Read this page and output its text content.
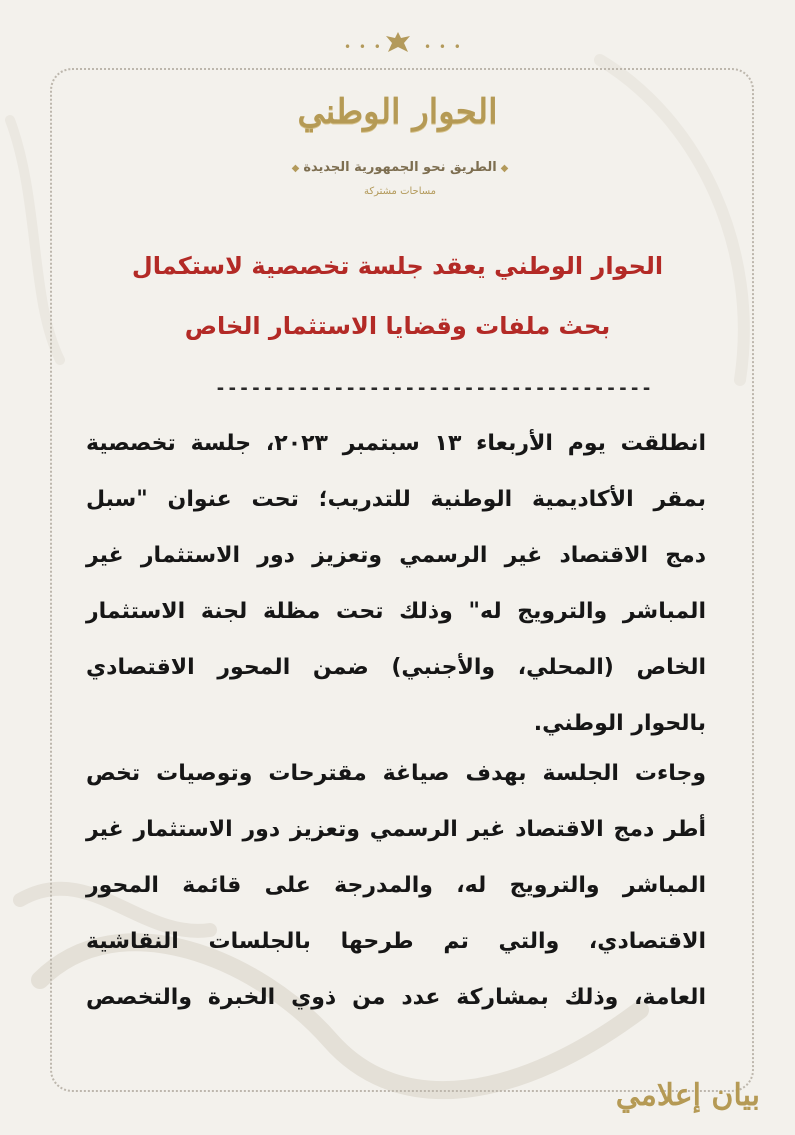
• • •	• • •
الحوار الوطني
◆الطريق نحو الجمهورية الجديدة◆
مساحات مشتركة
الحوار الوطني يعقد جلسة تخصصية لاستكمال
بحث ملفات وقضايا الاستثمار الخاص
-------------------------------------
انطلقت يوم الأربعاء ١٣ سبتمبر ٢٠٢٣، جلسة تخصصية
بمقر الأكاديمية الوطنية للتدريب؛ تحت عنوان "سبل
دمج الاقتصاد غير الرسمي وتعزيز دور الاستثمار غير
المباشر والترويج له" وذلك تحت مظلة لجنة الاستثمار
الخاص (المحلي، والأجنبي) ضمن المحور الاقتصادي
بالحوار الوطني.
وجاءت الجلسة بهدف صياغة مقترحات وتوصيات تخص
أطر دمج الاقتصاد غير الرسمي وتعزيز دور الاستثمار غير
المباشر والترويج له، والمدرجة على قائمة المحور
الاقتصادي، والتي تم طرحها بالجلسات النقاشية
العامة، وذلك بمشاركة عدد من ذوي الخبرة والتخصص
بيان إعلامي
